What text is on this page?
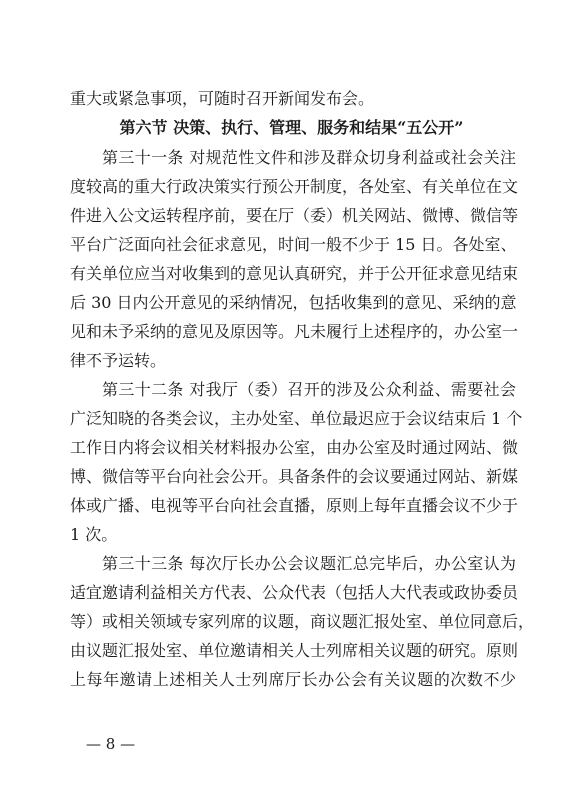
重大或紧急事项，可随时召开新闻发布会。
第六节 决策、执行、管理、服务和结果“五公开”
第三十一条 对规范性文件和涉及群众切身利益或社会关注
度较高的重大行政决策实行预公开制度，各处室、有关单位在文
件进入公文运转程序前，要在厅（委）机关网站、微博、微信等
平台广泛面向社会征求意见，时间一般不少于 15 日。各处室、
有关单位应当对收集到的意见认真研究，并于公开征求意见结束
后 30 日内公开意见的采纳情况，包括收集到的意见、采纳的意
见和未予采纳的意见及原因等。凡未履行上述程序的，办公室一
律不予运转。
第三十二条 对我厅（委）召开的涉及公众利益、需要社会
广泛知晓的各类会议，主办处室、单位最迟应于会议结束后 1 个
工作日内将会议相关材料报办公室，由办公室及时通过网站、微
博、微信等平台向社会公开。具备条件的会议要通过网站、新媒
体或广播、电视等平台向社会直播，原则上每年直播会议不少于
1 次。
第三十三条 每次厅长办公会议题汇总完毕后，办公室认为
适宜邀请利益相关方代表、公众代表（包括人大代表或政协委员
等）或相关领域专家列席的议题，商议题汇报处室、单位同意后，
由议题汇报处室、单位邀请相关人士列席相关议题的研究。原则
上每年邀请上述相关人士列席厅长办公会有关议题的次数不少
— 8 —
